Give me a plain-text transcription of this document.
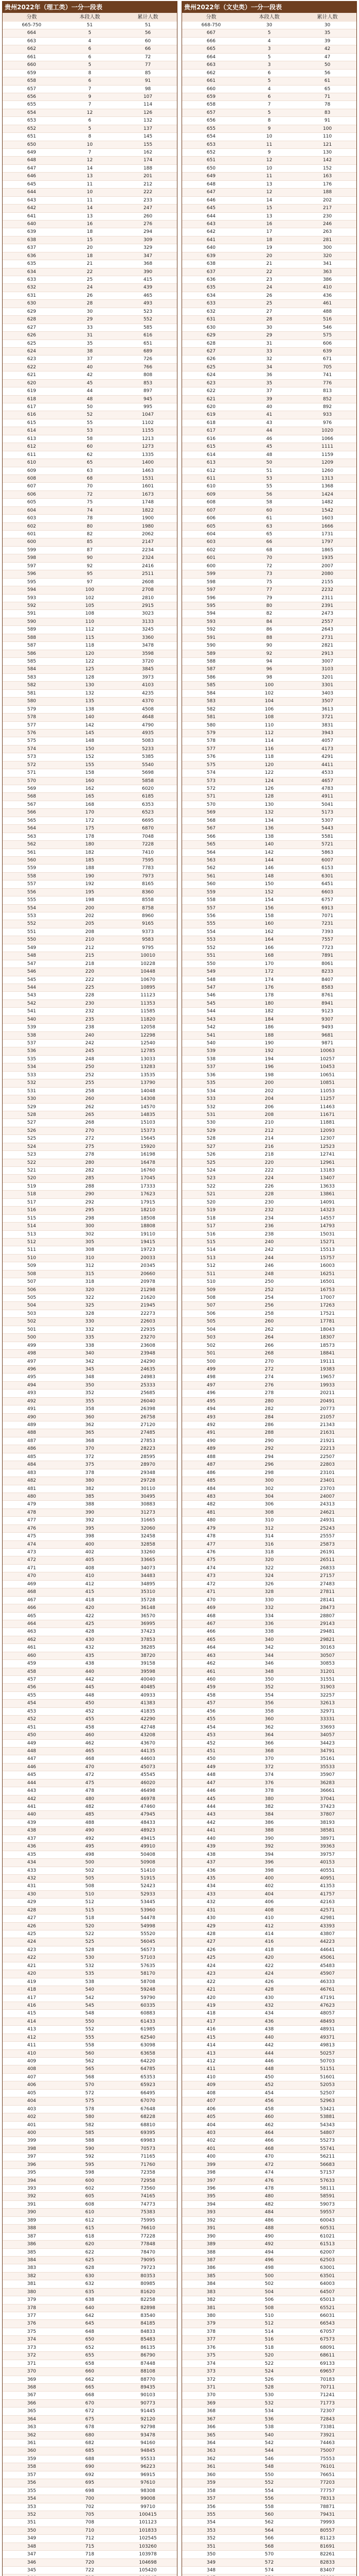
贵州2022年（理工类）一分一段表
分数	本段人数	累计人数
665-750	51	51
664	5	56
663	4	60
662	6	66
661	6	72
660	5	77
659	8	85
658	6	91
657	7	98
656	9	107
655	7	114
654	12	126
653	6	132
652	5	137
651	8	145
650	10	155
649	7	162
648	12	174
647	14	188
646	13	201
645	11	212
644	10	222
643	11	233
642	14	247
641	13	260
640	16	276
639	18	294
638	15	309
637	20	329
636	18	347
635	21	368
634	22	390
633	25	415
632	24	439
631	26	465
630	28	493
629	30	523
628	29	552
627	33	585
626	31	616
625	35	651
624	38	689
623	37	726
622	40	766
621	42	808
620	45	853
619	44	897
618	48	945
617	50	995
616	52	1047
615	55	1102
614	53	1155
613	58	1213
612	60	1273
611	62	1335
610	65	1400
609	63	1463
608	68	1531
607	70	1601
606	72	1673
605	75	1748
604	74	1822
603	78	1900
602	80	1980
601	82	2062
600	85	2147
599	87	2234
598	90	2324
597	92	2416
596	95	2511
595	97	2608
594	100	2708
593	102	2810
592	105	2915
591	108	3023
590	110	3133
589	112	3245
588	115	3360
587	118	3478
586	120	3598
585	122	3720
584	125	3845
583	128	3973
582	130	4103
581	132	4235
580	135	4370
579	138	4508
578	140	4648
577	142	4790
576	145	4935
575	148	5083
574	150	5233
573	152	5385
572	155	5540
571	158	5698
570	160	5858
569	162	6020
568	165	6185
567	168	6353
566	170	6523
565	172	6695
564	175	6870
563	178	7048
562	180	7228
561	182	7410
560	185	7595
559	188	7783
558	190	7973
557	192	8165
556	195	8360
555	198	8558
554	200	8758
553	202	8960
552	205	9165
551	208	9373
550	210	9583
549	212	9795
548	215	10010
547	218	10228
546	220	10448
545	222	10670
544	225	10895
543	228	11123
542	230	11353
541	232	11585
540	235	11820
539	238	12058
538	240	12298
537	242	12540
536	245	12785
535	248	13033
534	250	13283
533	252	13535
532	255	13790
531	258	14048
530	260	14308
529	262	14570
528	265	14835
527	268	15103
526	270	15373
525	272	15645
524	275	15920
523	278	16198
522	280	16478
521	282	16760
520	285	17045
519	288	17333
518	290	17623
517	292	17915
516	295	18210
515	298	18508
514	300	18808
513	302	19110
512	305	19415
511	308	19723
510	310	20033
509	312	20345
508	315	20660
507	318	20978
506	320	21298
505	322	21620
504	325	21945
503	328	22273
502	330	22603
501	332	22935
500	335	23270
499	338	23608
498	340	23948
497	342	24290
496	345	24635
495	348	24983
494	350	25333
493	352	25685
492	355	26040
491	358	26398
490	360	26758
489	362	27120
488	365	27485
487	368	27853
486	370	28223
485	372	28595
484	375	28970
483	378	29348
482	380	29728
481	382	30110
480	385	30495
479	388	30883
478	390	31273
477	392	31665
476	395	32060
475	398	32458
474	400	32858
473	402	33260
472	405	33665
471	408	34073
470	410	34483
469	412	34895
468	415	35310
467	418	35728
466	420	36148
465	422	36570
464	425	36995
463	428	37423
462	430	37853
461	432	38285
460	435	38720
459	438	39158
458	440	39598
457	442	40040
456	445	40485
455	448	40933
454	450	41383
453	452	41835
452	455	42290
451	458	42748
450	460	43208
449	462	43670
448	465	44135
447	468	44603
446	470	45073
445	472	45545
444	475	46020
443	478	46498
442	480	46978
441	482	47460
440	485	47945
439	488	48433
438	490	48923
437	492	49415
436	495	49910
435	498	50408
434	500	50908
433	502	51410
432	505	51915
431	508	52423
430	510	52933
429	512	53445
428	515	53960
427	518	54478
426	520	54998
425	522	55520
424	525	56045
423	528	56573
422	530	57103
421	532	57635
420	535	58170
419	538	58708
418	540	59248
417	542	59790
416	545	60335
415	548	60883
414	550	61433
413	552	61985
412	555	62540
411	558	63098
410	560	63658
409	562	64220
408	565	64785
407	568	65353
406	570	65923
405	572	66495
404	575	67070
403	578	67648
402	580	68228
401	582	68810
400	585	69395
399	588	69983
398	590	70573
397	592	71165
396	595	71760
395	598	72358
394	600	72958
393	602	73560
392	605	74165
391	608	74773
390	610	75383
389	612	75995
388	615	76610
387	618	77228
386	620	77848
385	622	78470
384	625	79095
383	628	79723
382	630	80353
381	632	80985
380	635	81620
379	638	82258
378	640	82898
377	642	83540
376	645	84185
375	648	84833
374	650	85483
373	652	86135
372	655	86790
371	658	87448
370	660	88108
369	662	88770
368	665	89435
367	668	90103
366	670	90773
365	672	91445
364	675	92120
363	678	92798
362	680	93478
361	682	94160
360	685	94845
359	688	95533
358	690	96223
357	692	96915
356	695	97610
355	698	98308
354	700	99008
353	702	99710
352	705	100415
351	708	101123
350	710	101833
349	712	102545
348	715	103260
347	718	103978
346	720	104698
345	722	105420
贵州2022年（文史类）一分一段表
分数	本段人数	累计人数
668-750	30	30
667	5	35
666	4	39
665	3	42
664	5	47
663	3	50
662	6	56
661	5	61
660	4	65
659	6	71
658	7	78
657	5	83
656	8	91
655	9	100
654	10	110
653	11	121
652	9	130
651	12	142
650	10	152
649	11	163
648	13	176
647	12	188
646	14	202
645	15	217
644	13	230
643	16	246
642	17	263
641	18	281
640	19	300
639	20	320
638	21	341
637	22	363
636	23	386
635	24	410
634	26	436
633	25	461
632	27	488
631	28	516
630	30	546
629	29	575
628	31	606
627	33	639
626	32	671
625	34	705
624	36	741
623	35	776
622	37	813
621	39	852
620	40	892
619	41	933
618	43	976
617	44	1020
616	46	1066
615	45	1111
614	48	1159
613	50	1209
612	51	1260
611	53	1313
610	55	1368
609	56	1424
608	58	1482
607	60	1542
606	61	1603
605	63	1666
604	65	1731
603	66	1797
602	68	1865
601	70	1935
600	72	2007
599	73	2080
598	75	2155
597	77	2232
596	79	2311
595	80	2391
594	82	2473
593	84	2557
592	86	2643
591	88	2731
590	90	2821
589	92	2913
588	94	3007
587	96	3103
586	98	3201
585	100	3301
584	102	3403
583	104	3507
582	106	3613
581	108	3721
580	110	3831
579	112	3943
578	114	4057
577	116	4173
576	118	4291
575	120	4411
574	122	4533
573	124	4657
572	126	4783
571	128	4911
570	130	5041
569	132	5173
568	134	5307
567	136	5443
566	138	5581
565	140	5721
564	142	5863
563	144	6007
562	146	6153
561	148	6301
560	150	6451
559	152	6603
558	154	6757
557	156	6913
556	158	7071
555	160	7231
554	162	7393
553	164	7557
552	166	7723
551	168	7891
550	170	8061
549	172	8233
548	174	8407
547	176	8583
546	178	8761
545	180	8941
544	182	9123
543	184	9307
542	186	9493
541	188	9681
540	190	9871
539	192	10063
538	194	10257
537	196	10453
536	198	10651
535	200	10851
534	202	11053
533	204	11257
532	206	11463
531	208	11671
530	210	11881
529	212	12093
528	214	12307
527	216	12523
526	218	12741
525	220	12961
524	222	13183
523	224	13407
522	226	13633
521	228	13861
520	230	14091
519	232	14323
518	234	14557
517	236	14793
516	238	15031
515	240	15271
514	242	15513
513	244	15757
512	246	16003
511	248	16251
510	250	16501
509	252	16753
508	254	17007
507	256	17263
506	258	17521
505	260	17781
504	262	18043
503	264	18307
502	266	18573
501	268	18841
500	270	19111
499	272	19383
498	274	19657
497	276	19933
496	278	20211
495	280	20491
494	282	20773
493	284	21057
492	286	21343
491	288	21631
490	290	21921
489	292	22213
488	294	22507
487	296	22803
486	298	23101
485	300	23401
484	302	23703
483	304	24007
482	306	24313
481	308	24621
480	310	24931
479	312	25243
478	314	25557
477	316	25873
476	318	26191
475	320	26511
474	322	26833
473	324	27157
472	326	27483
471	328	27811
470	330	28141
469	332	28473
468	334	28807
467	336	29143
466	338	29481
465	340	29821
464	342	30163
463	344	30507
462	346	30853
461	348	31201
460	350	31551
459	352	31903
458	354	32257
457	356	32613
456	358	32971
455	360	33331
454	362	33693
453	364	34057
452	366	34423
451	368	34791
450	370	35161
449	372	35533
448	374	35907
447	376	36283
446	378	36661
445	380	37041
444	382	37423
443	384	37807
442	386	38193
441	388	38581
440	390	38971
439	392	39363
438	394	39757
437	396	40153
436	398	40551
435	400	40951
434	402	41353
433	404	41757
432	406	42163
431	408	42571
430	410	42981
429	412	43393
428	414	43807
427	416	44223
426	418	44641
425	420	45061
424	422	45483
423	424	45907
422	426	46333
421	428	46761
420	430	47191
419	432	47623
418	434	48057
417	436	48493
416	438	48931
415	440	49371
414	442	49813
413	444	50257
412	446	50703
411	448	51151
410	450	51601
409	452	52053
408	454	52507
407	456	52963
406	458	53421
405	460	53881
404	462	54343
403	464	54807
402	466	55273
401	468	55741
400	470	56211
399	472	56683
398	474	57157
397	476	57633
396	478	58111
395	480	58591
394	482	59073
393	484	59557
392	486	60043
391	488	60531
390	490	61021
389	492	61513
388	494	62007
387	496	62503
386	498	63001
385	500	63501
384	502	64003
383	504	64507
382	506	65013
381	508	65521
380	510	66031
379	512	66543
378	514	67057
377	516	67573
376	518	68091
375	520	68611
374	522	69133
373	524	69657
372	526	70183
371	528	70711
370	530	71241
369	532	71773
368	534	72307
367	536	72843
366	538	73381
365	540	73921
364	542	74463
363	544	75007
362	546	75553
361	548	76101
360	550	76651
359	552	77203
358	554	77757
357	556	78313
356	558	78871
355	560	79431
354	562	79993
353	564	80557
352	566	81123
351	568	81691
350	570	82261
349	572	82833
348	574	83407
